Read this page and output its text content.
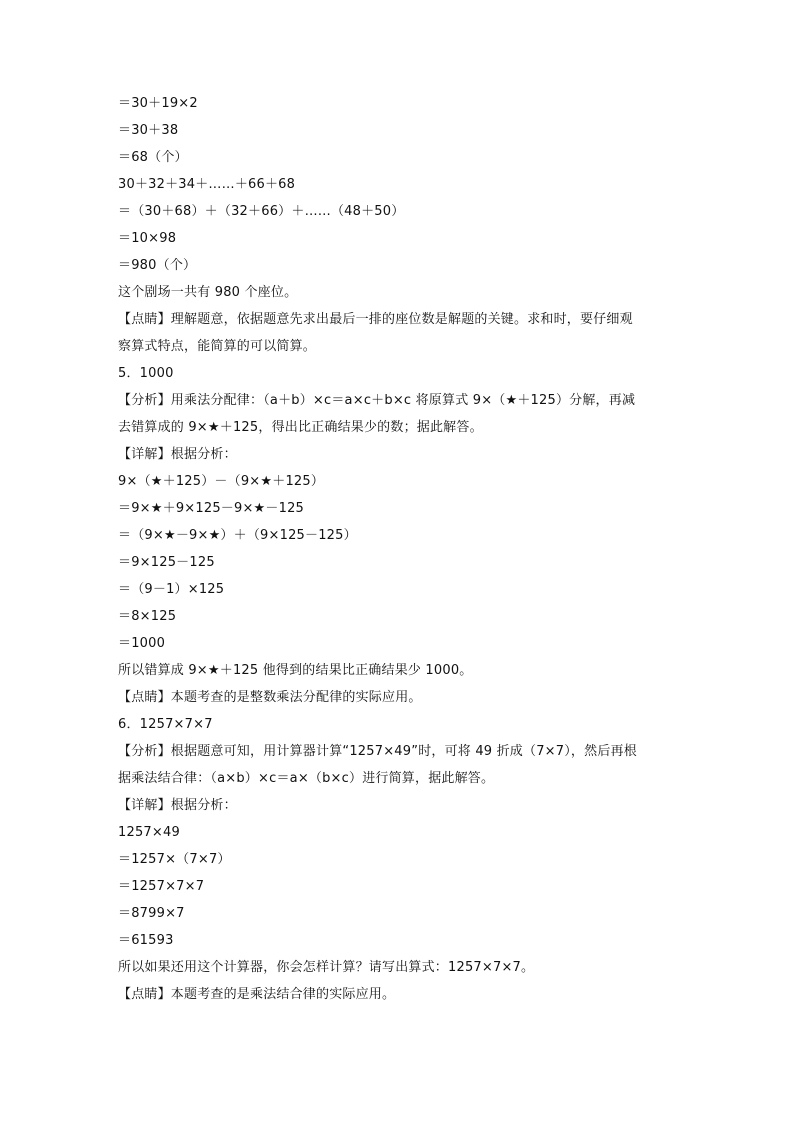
＝30＋19×2
＝30＋38
＝68（个）
30＋32＋34＋……＋66＋68
＝（30＋68）＋（32＋66）＋……（48＋50）
＝10×98
＝980（个）
这个剧场一共有 980 个座位。
【点睛】理解题意，依据题意先求出最后一排的座位数是解题的关键。求和时，要仔细观
察算式特点，能简算的可以简算。
5．1000
【分析】用乘法分配律：（a＋b）×c＝a×c＋b×c 将原算式 9×（★＋125）分解，再减
去错算成的 9×★＋125，得出比正确结果少的数；据此解答。
【详解】根据分析：
9×（★＋125）－（9×★＋125）
＝9×★＋9×125－9×★－125
＝（9×★－9×★）＋（9×125－125）
＝9×125－125
＝（9－1）×125
＝8×125
＝1000
所以错算成 9×★＋125 他得到的结果比正确结果少 1000。
【点睛】本题考查的是整数乘法分配律的实际应用。
6．1257×7×7
【分析】根据题意可知，用计算器计算“1257×49”时，可将 49 折成（7×7），然后再根
据乘法结合律：（a×b）×c＝a×（b×c）进行简算，据此解答。
【详解】根据分析：
1257×49
＝1257×（7×7）
＝1257×7×7
＝8799×7
＝61593
所以如果还用这个计算器，你会怎样计算？请写出算式：1257×7×7。
【点睛】本题考查的是乘法结合律的实际应用。
